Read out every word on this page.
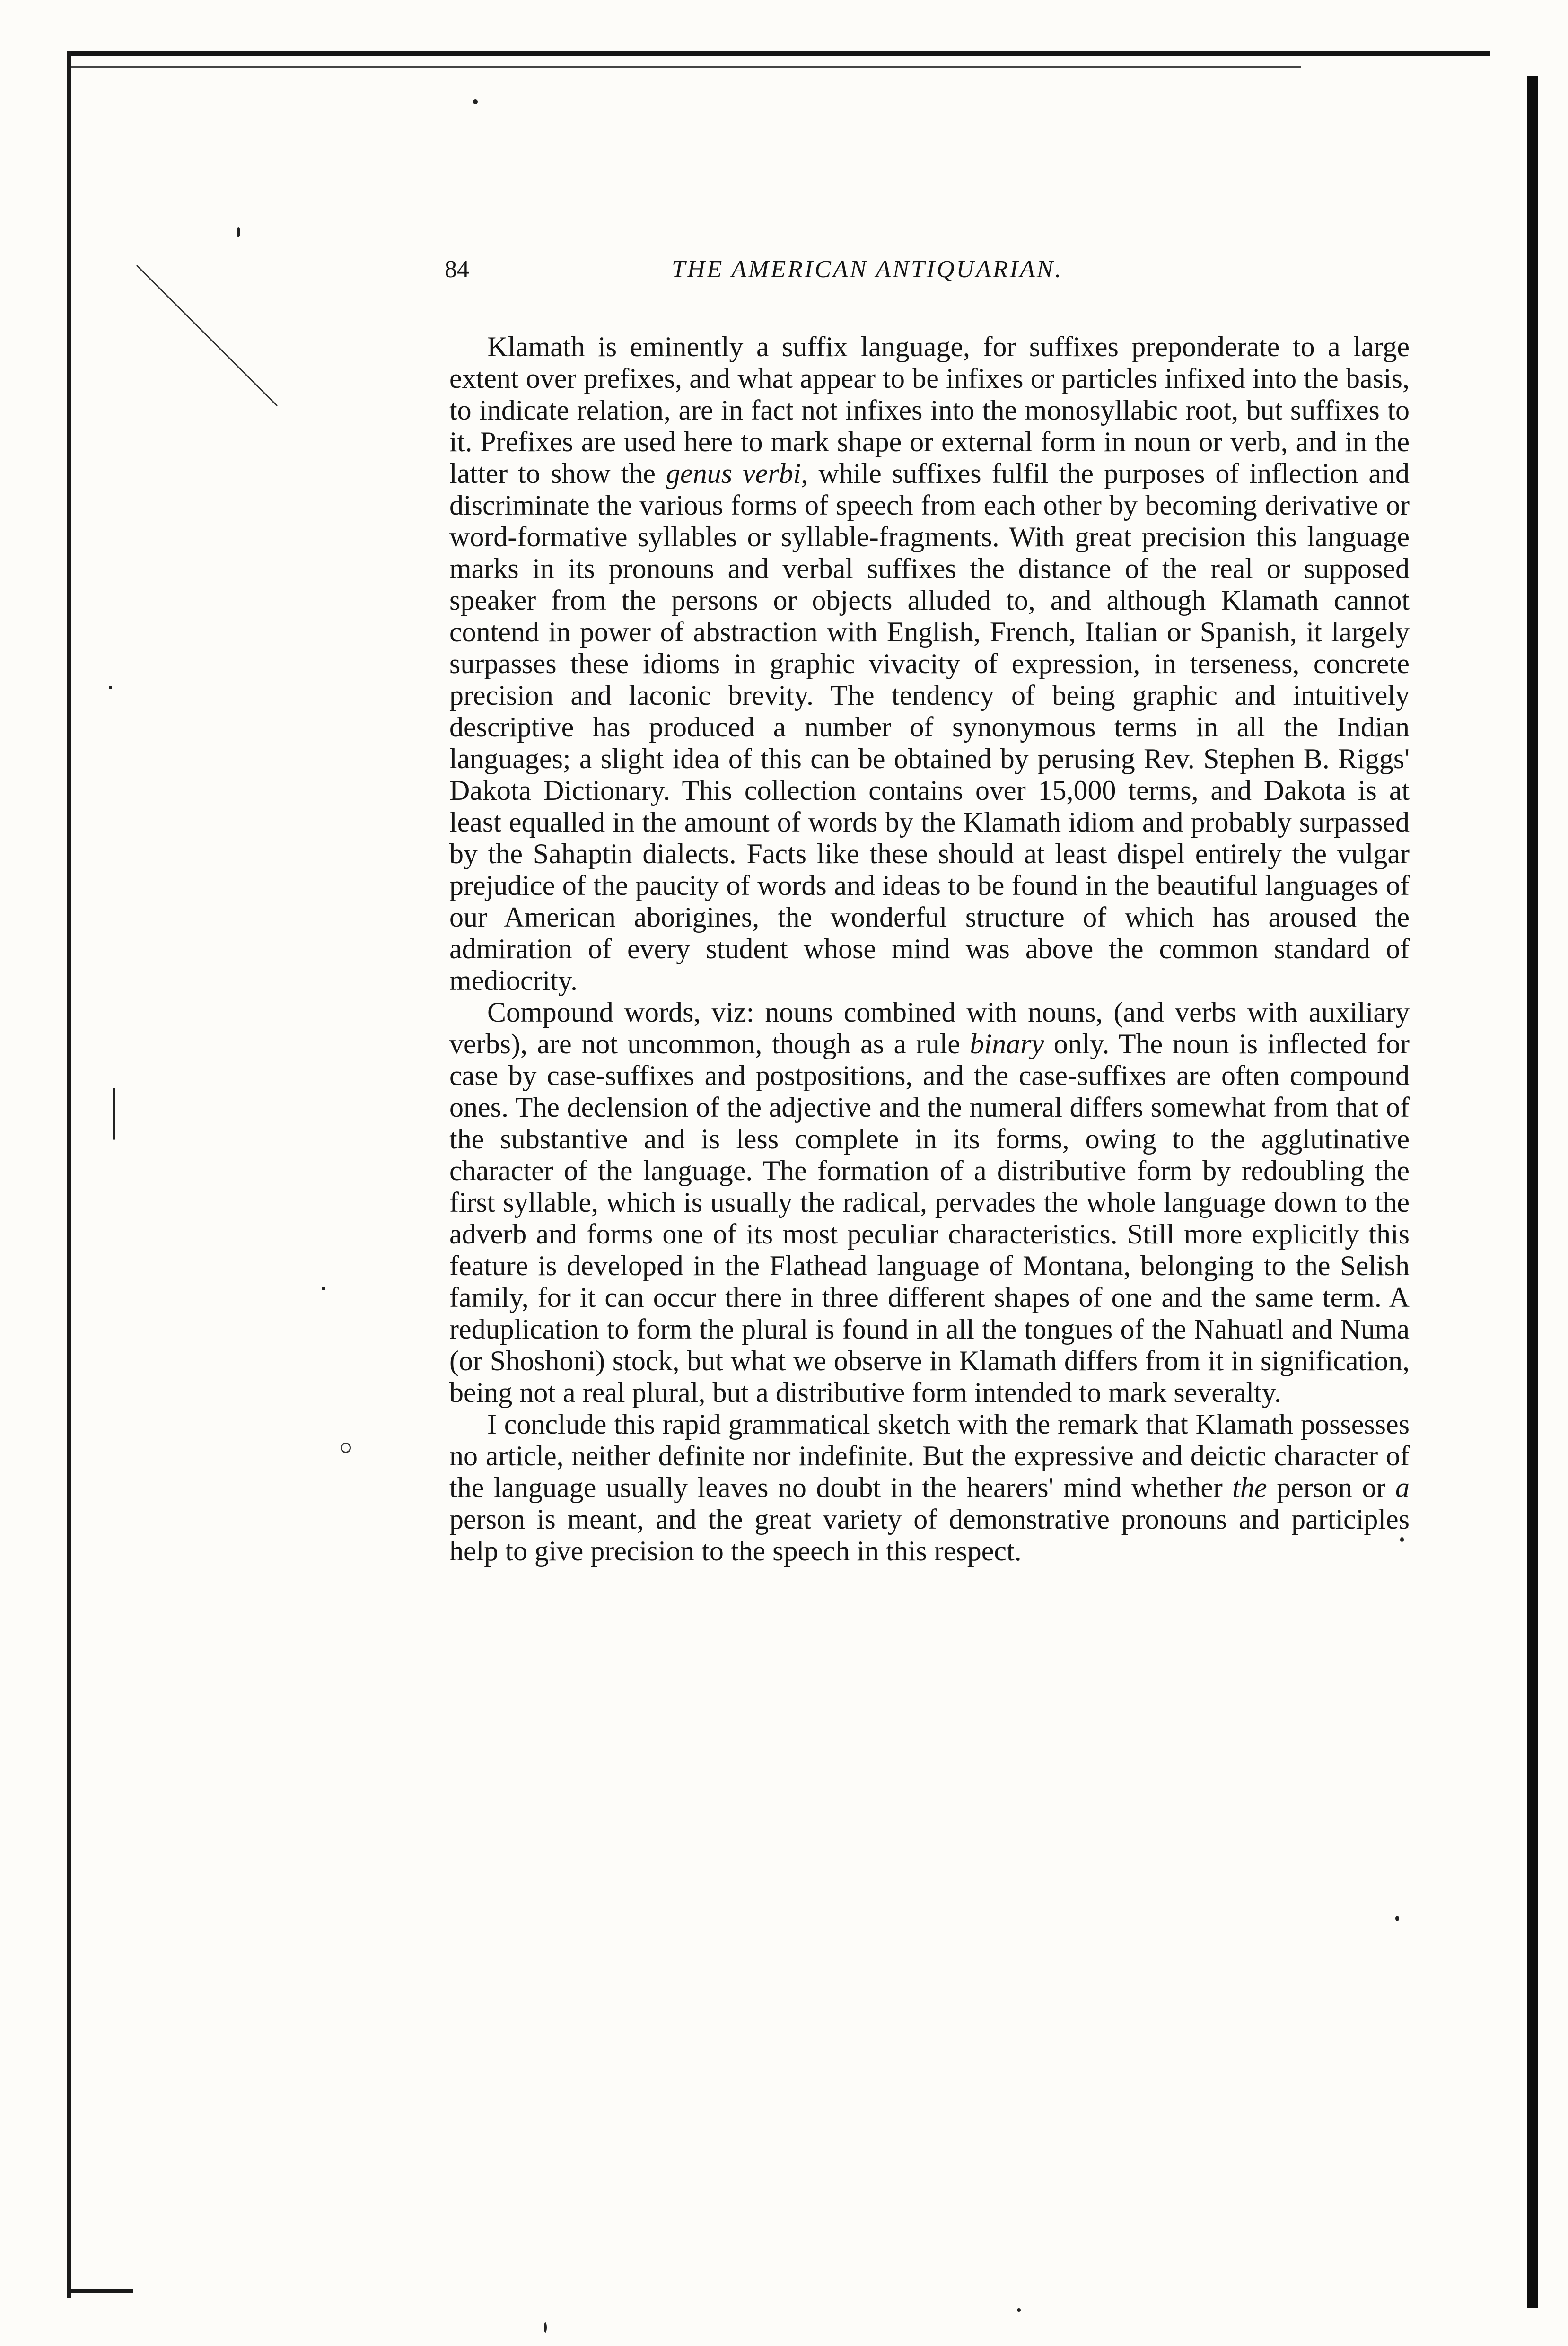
84	THE AMERICAN ANTIQUARIAN.

Klamath is eminently a suffix language, for suffixes preponderate to a large extent over prefixes, and what appear to be infixes or particles infixed into the basis, to indicate relation, are in fact not infixes into the monosyllabic root, but suffixes to it. Prefixes are used here to mark shape or external form in noun or verb, and in the latter to show the genus verbi, while suffixes fulfil the purposes of inflection and discriminate the various forms of speech from each other by becoming derivative or word-formative syllables or syllable-fragments. With great precision this language marks in its pronouns and verbal suffixes the distance of the real or supposed speaker from the persons or objects alluded to, and although Klamath cannot contend in power of abstraction with English, French, Italian or Spanish, it largely surpasses these idioms in graphic vivacity of expression, in terseness, concrete precision and laconic brevity. The tendency of being graphic and intuitively descriptive has produced a number of synonymous terms in all the Indian languages; a slight idea of this can be obtained by perusing Rev. Stephen B. Riggs' Dakota Dictionary. This collection contains over 15,000 terms, and Dakota is at least equalled in the amount of words by the Klamath idiom and probably surpassed by the Sahaptin dialects. Facts like these should at least dispel entirely the vulgar prejudice of the paucity of words and ideas to be found in the beautiful languages of our American aborigines, the wonderful structure of which has aroused the admiration of every student whose mind was above the common standard of mediocrity.

Compound words, viz: nouns combined with nouns, (and verbs with auxiliary verbs), are not uncommon, though as a rule binary only. The noun is inflected for case by case-suffixes and postpositions, and the case-suffixes are often compound ones. The declension of the adjective and the numeral differs somewhat from that of the substantive and is less complete in its forms, owing to the agglutinative character of the language. The formation of a distributive form by redoubling the first syllable, which is usually the radical, pervades the whole language down to the adverb and forms one of its most peculiar characteristics. Still more explicitly this feature is developed in the Flathead language of Montana, belonging to the Selish family, for it can occur there in three different shapes of one and the same term. A reduplication to form the plural is found in all the tongues of the Nahuatl and Numa (or Shoshoni) stock, but what we observe in Klamath differs from it in signification, being not a real plural, but a distributive form intended to mark severalty.

I conclude this rapid grammatical sketch with the remark that Klamath possesses no article, neither definite nor indefinite. But the expressive and deictic character of the language usually leaves no doubt in the hearers' mind whether the person or a person is meant, and the great variety of demonstrative pronouns and participles help to give precision to the speech in this respect.
